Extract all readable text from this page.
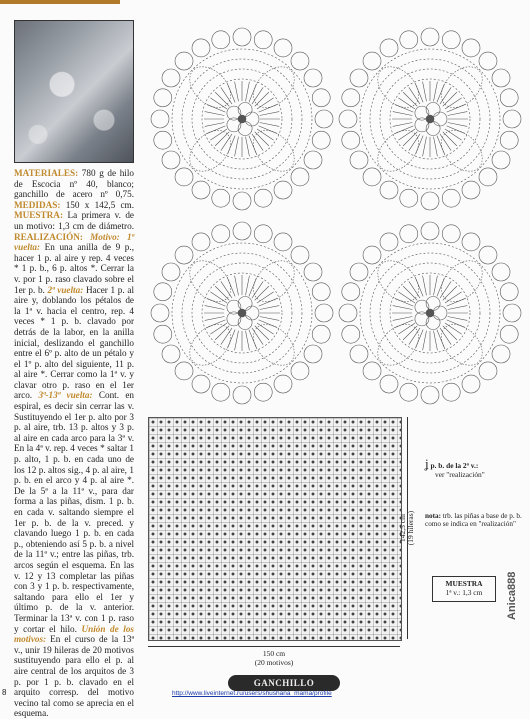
MATERIALES: 780 g de hilo de Escocia nº 40, blanco; ganchillo de acero nº 0,75. MEDIDAS: 150 x 142,5 cm. MUESTRA: La primera v. de un motivo: 1,3 cm de diámetro. REALIZACIÓN: Motivo: 1ª vuelta: En una anilla de 9 p., hacer 1 p. al aire y rep. 4 veces * 1 p. b., 6 p. altos *. Cerrar la v. por 1 p. raso clavado sobre el 1er p. b. 2ª vuelta: Hacer 1 p. al aire y, doblando los pétalos de la 1ª v. hacia el centro, rep. 4 veces * 1 p. b. clavado por detrás de la labor, en la anilla inicial, deslizando el ganchillo entre el 6º p. alto de un pétalo y el 1º p. alto del siguiente, 11 p. al aire *. Cerrar como la 1ª v. y clavar otro p. raso en el 1er arco. 3ª-13ª vuelta: Cont. en espiral, es decir sin cerrar las v. Sustituyendo el 1er p. alto por 3 p. al aire, trb. 13 p. altos y 3 p. al aire en cada arco para la 3ª v. En la 4ª v. rep. 4 veces * saltar 1 p. alto, 1 p. b. en cada uno de los 12 p. altos sig., 4 p. al aire, 1 p. b. en el arco y 4 p. al aire *. De la 5ª a la 11ª v., para dar forma a las piñas, dism. 1 p. b. en cada v. saltando siempre el 1er p. b. de la v. preced. y clavando luego 1 p. b. en cada p., obteniendo así 5 p. b. a nivel de la 11ª v.; entre las piñas, trb. arcos según el esquema. En las v. 12 y 13 completar las piñas con 3 y 1 p. b. respectivamente, saltando para ello el 1er y último p. de la v. anterior. Terminar la 13ª v. con 1 p. raso y cortar el hilo. Unión de los motivos: En el curso de la 13ª v., unir 19 hileras de 20 motivos sustituyendo para ello el p. al aire central de los arquitos de 3 p. por 1 p. b. clavado en el arquito corresp. del motivo vecino tal como se aprecia en el esquema.
142,5 cm (19 hileras)
150 cm
(20 motivos)
ʝ p. b. de la 2ª v.:
ver "realización"
nota: trb. las piñas a base de p. b. como se indica en "realización"
MUESTRA
1ª v.: 1,3 cm
GANCHILLO
http://www.liveinternet.ru/users/shushana_mama/profile
Anica888
8
